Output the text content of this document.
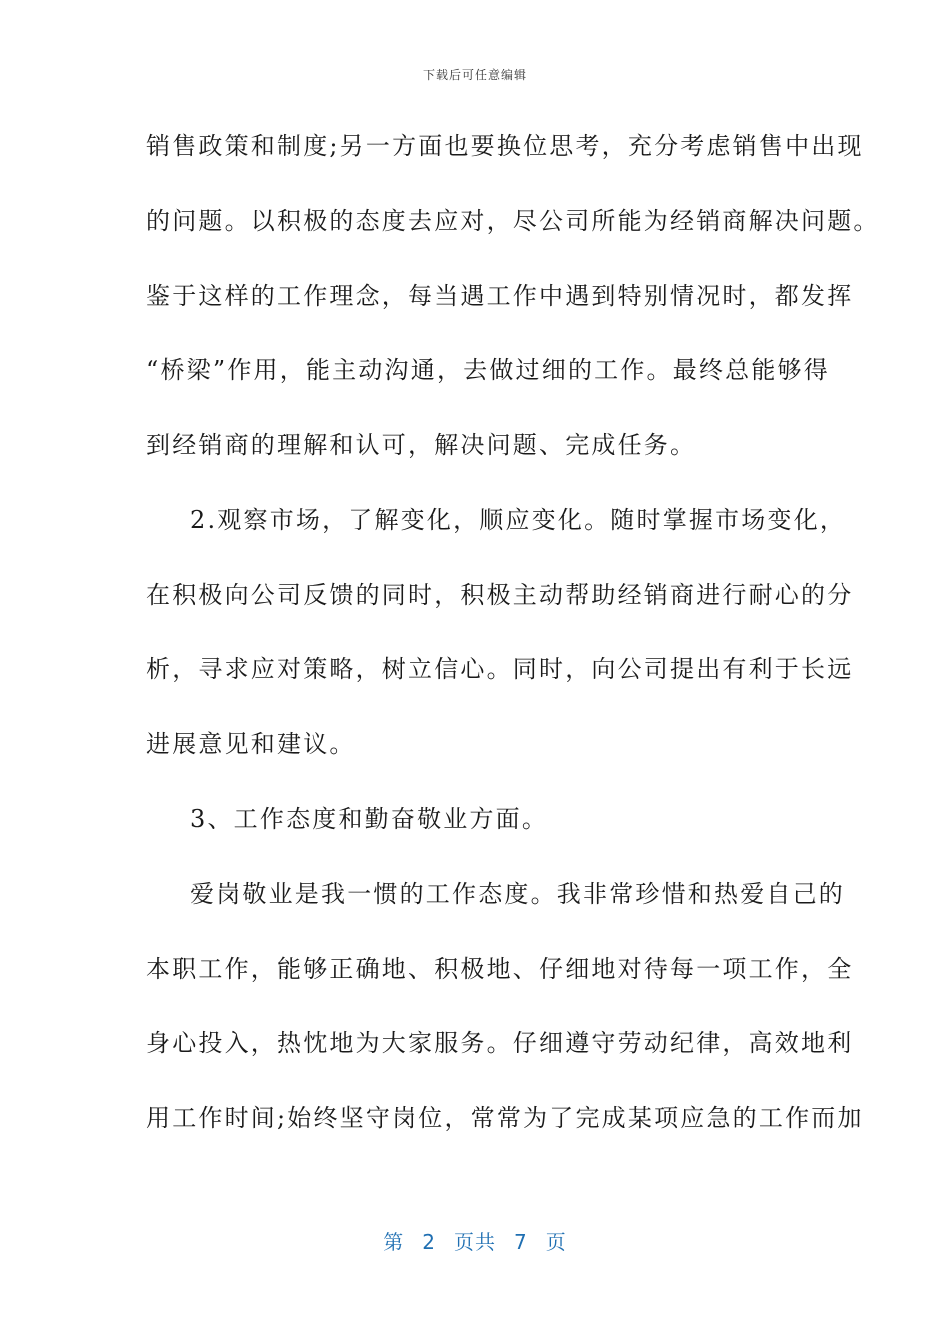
下载后可任意编辑
销售政策和制度;另一方面也要换位思考，充分考虑销售中出现
的问题。以积极的态度去应对，尽公司所能为经销商解决问题。
鉴于这样的工作理念，每当遇工作中遇到特别情况时，都发挥
“桥梁”作用，能主动沟通，去做过细的工作。最终总能够得
到经销商的理解和认可，解决问题、完成任务。
2.观察市场，了解变化，顺应变化。随时掌握市场变化，
在积极向公司反馈的同时，积极主动帮助经销商进行耐心的分
析，寻求应对策略，树立信心。同时，向公司提出有利于长远
进展意见和建议。
3、工作态度和勤奋敬业方面。
爱岗敬业是我一惯的工作态度。我非常珍惜和热爱自己的
本职工作，能够正确地、积极地、仔细地对待每一项工作，全
身心投入，热忱地为大家服务。仔细遵守劳动纪律，高效地利
用工作时间;始终坚守岗位，常常为了完成某项应急的工作而加
第 2 页共 7 页
